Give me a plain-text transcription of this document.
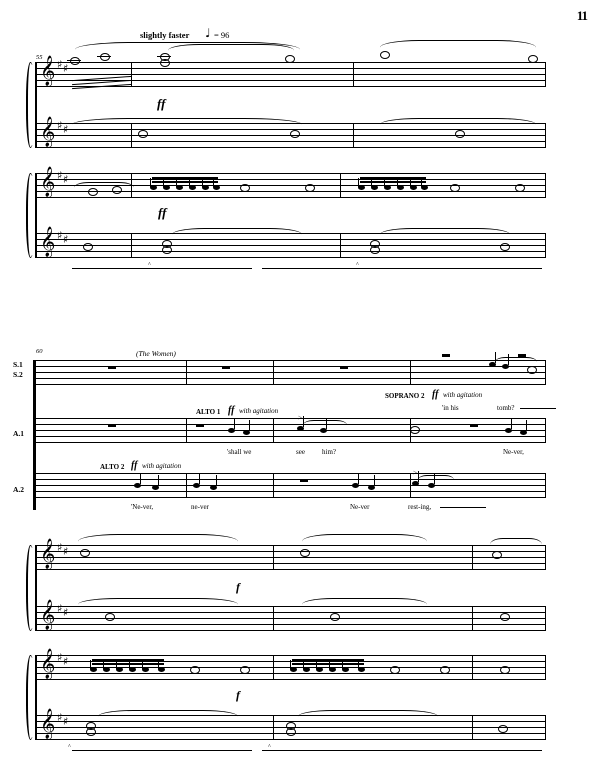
11
slightly faster ♩ = 96
55
𝄞 ♯ ♯
𝄞 ♯ ♯
ff
𝄞 ♯ ♯
𝄞 ♯ ♯
ff
^	^
60	(The Women)
S.1
S.2
A.1
A.2
SOPRANO 2 ff with agitation
'in his	tomb?
ALTO 1 ff with agitation
>
'shall we	see him?	Ne-ver,
ALTO 2 ff with agitation
>
'Ne-ver,	ne-ver	Ne-ver	rest-ing,
𝄞 ♯ ♯
𝄞 ♯ ♯
f
𝄞 ♯ ♯
𝄞 ♯ ♯
f
^	^
